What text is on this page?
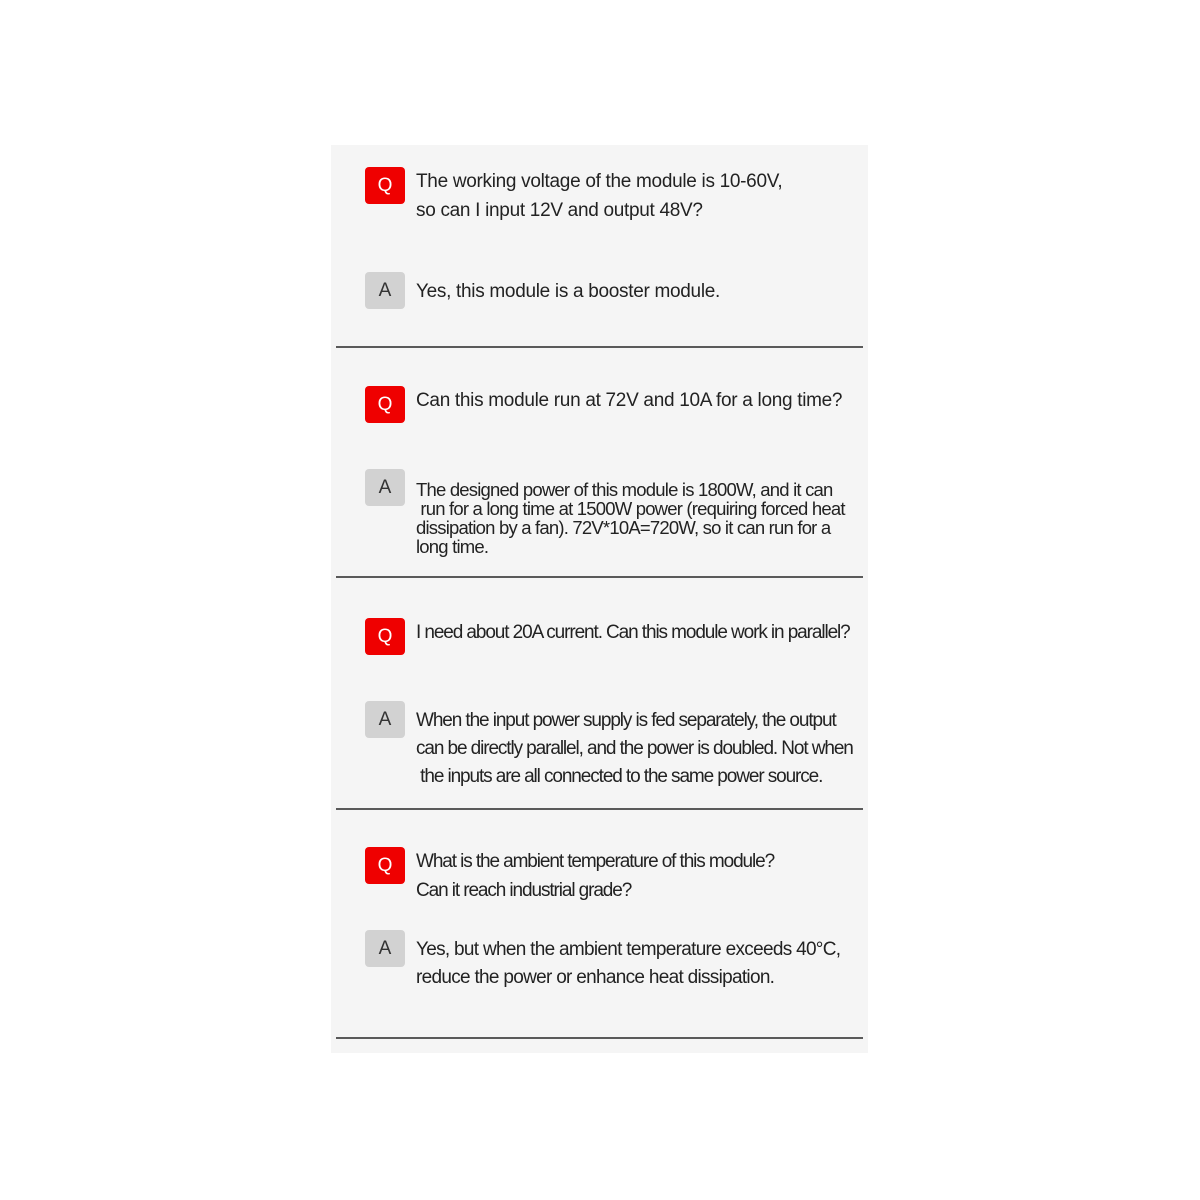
Q	The working voltage of the module is 10-60V,
so can I input 12V and output 48V?
A	Yes, this module is a booster module.
Q	Can this module run at 72V and 10A for a long time?
A	The designed power of this module is 1800W, and it can
run for a long time at 1500W power (requiring forced heat
dissipation by a fan). 72V*10A=720W, so it can run for a
long time.
Q	I need about 20A current. Can this module work in parallel?
A	When the input power supply is fed separately, the output
can be directly parallel, and the power is doubled. Not when
the inputs are all connected to the same power source.
Q	What is the ambient temperature of this module?
Can it reach industrial grade?
A	Yes, but when the ambient temperature exceeds 40°C,
reduce the power or enhance heat dissipation.
